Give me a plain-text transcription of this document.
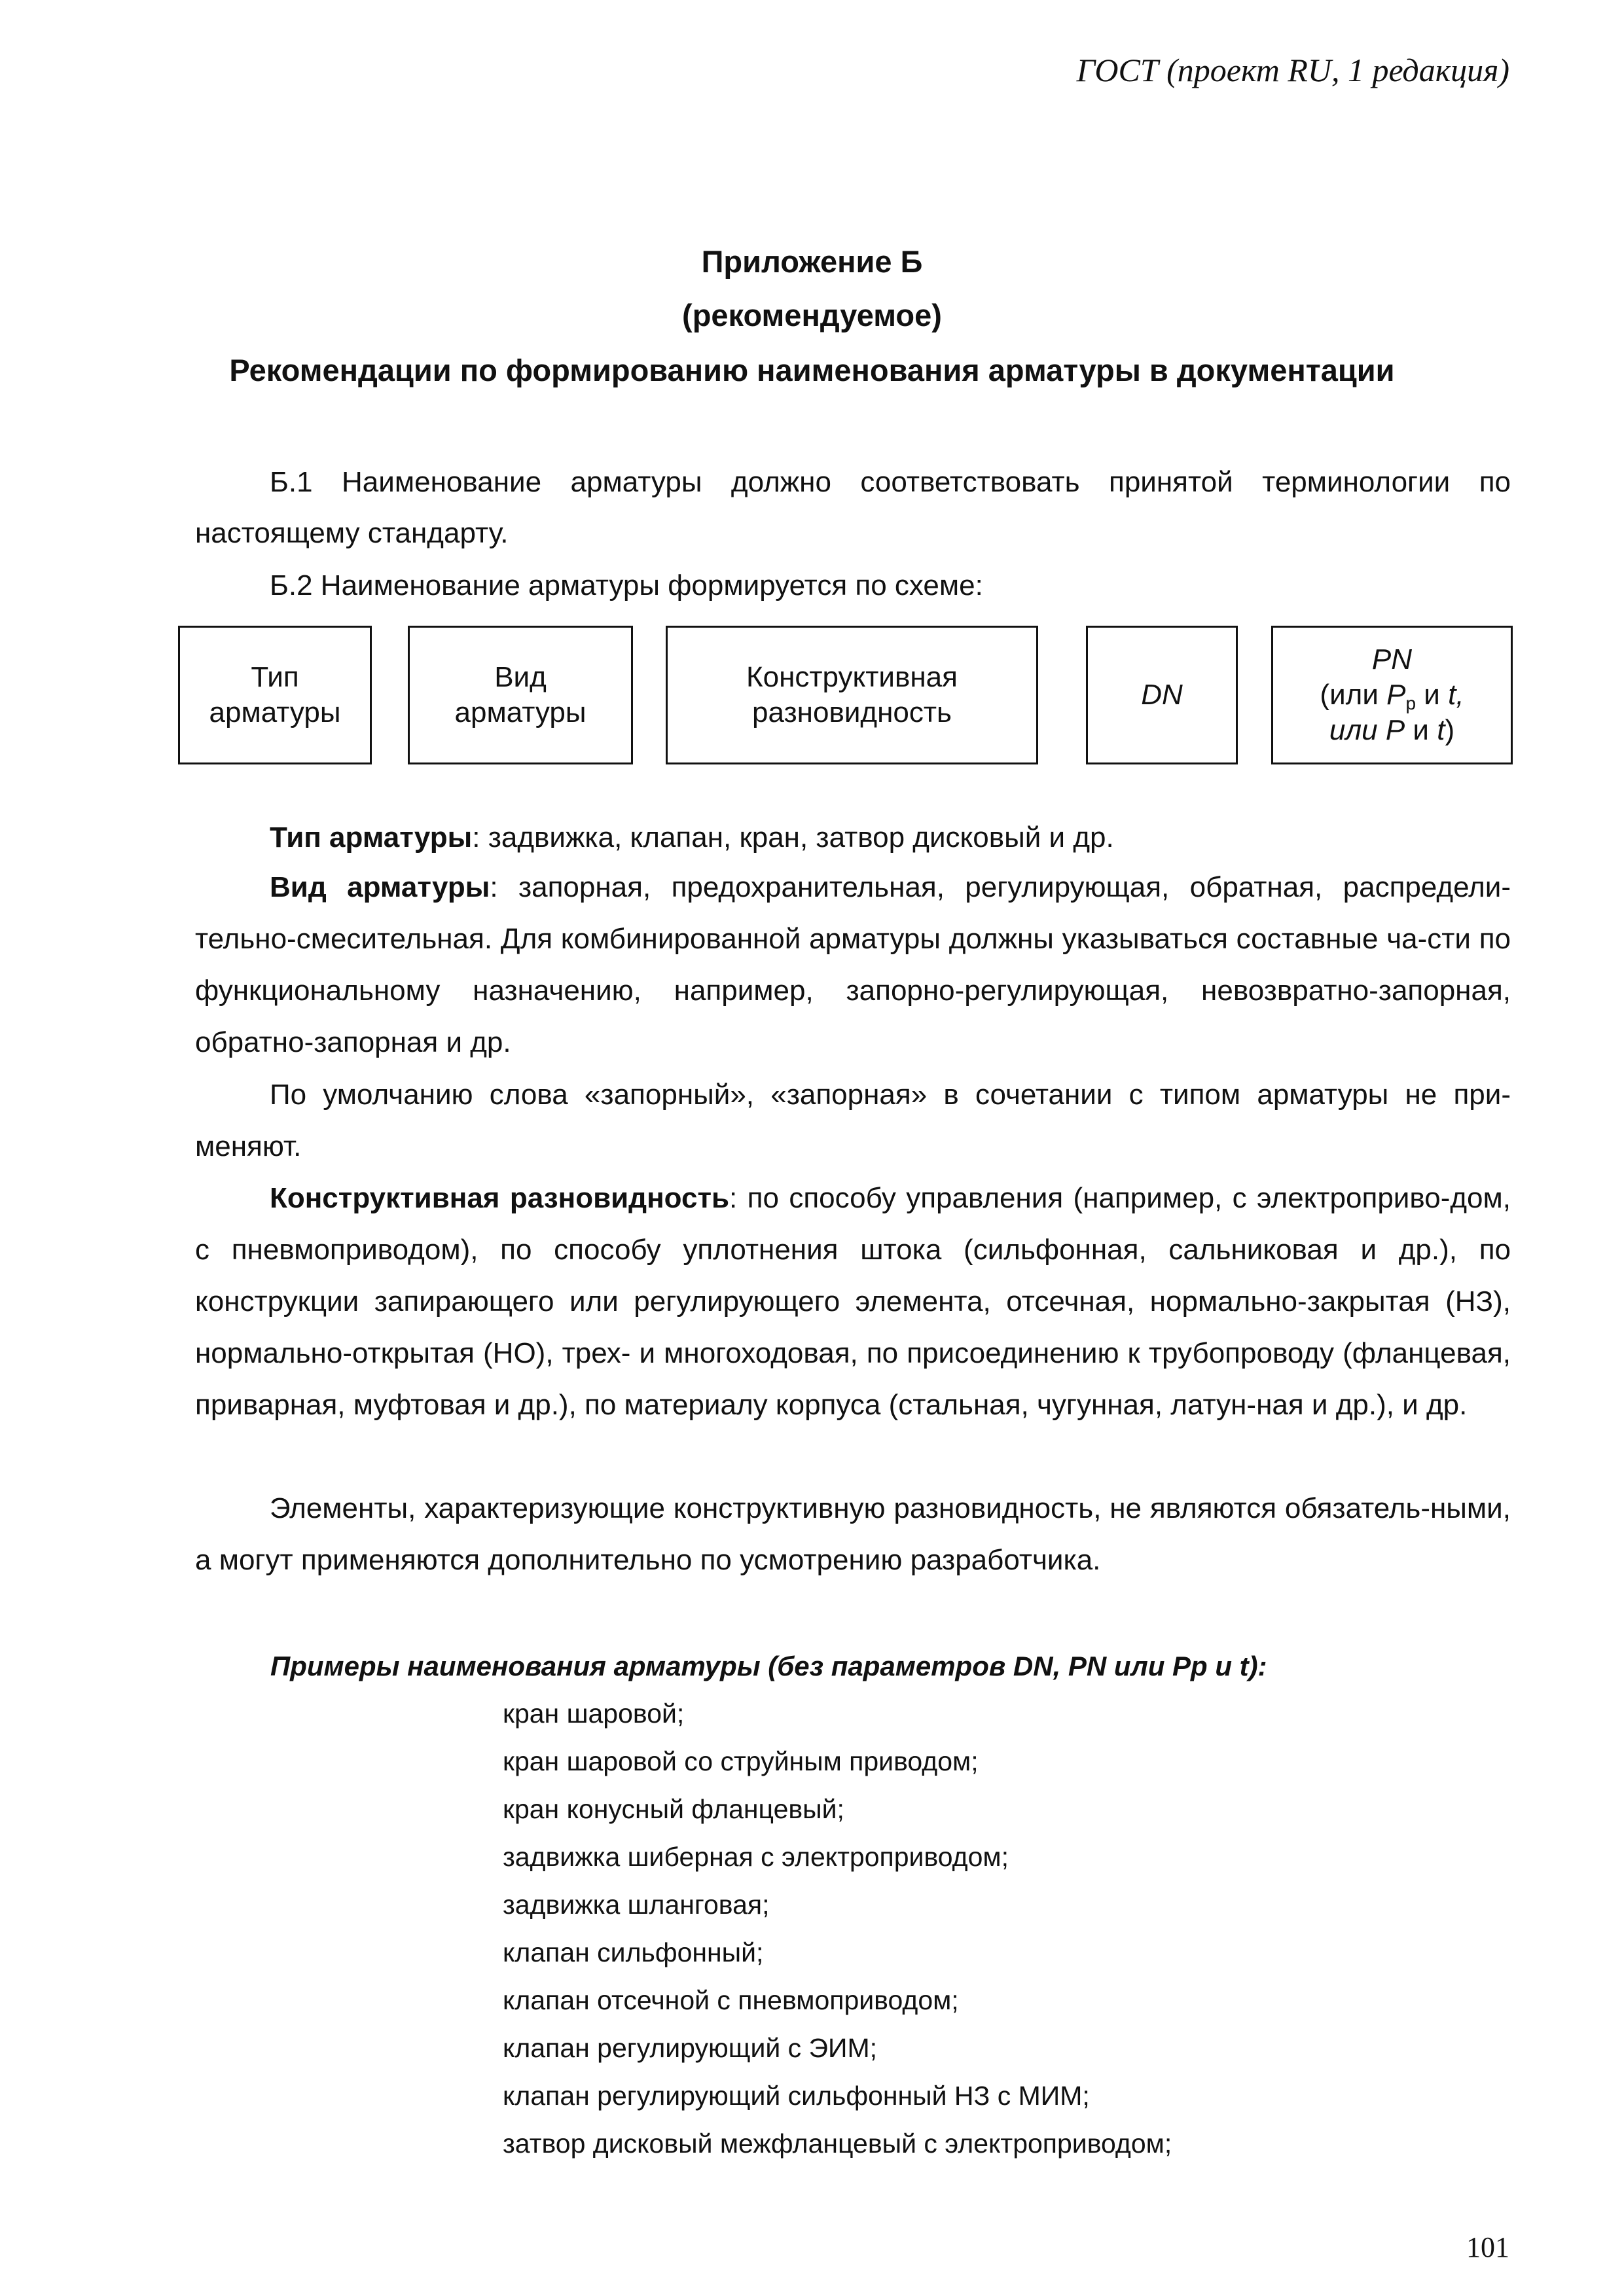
ГОСТ (проект RU, 1 редакция)
Приложение Б
(рекомендуемое)
Рекомендации по формированию наименования арматуры в документации

Б.1 Наименование арматуры должно соответствовать принятой терминологии по

настоящему стандарту.

Б.2 Наименование арматуры формируется по схеме:

Тип
арматуры
Вид
арматуры
Конструктивная
разновидность
DN
PN
(или $P_р$ и t,
или P и t)

Тип арматуры: задвижка, клапан, кран, затвор дисковый и др.

Вид арматуры: запорная, предохранительная, регулирующая, обратная, распредели-тельно-смесительная. Для комбинированной арматуры должны указываться составные ча-сти по функциональному назначению, например, запорно-регулирующая, невозвратно-запорная, обратно-запорная и др.

По умолчанию слова «запорный», «запорная» в сочетании с типом арматуры не при-меняют.

Конструктивная разновидность: по способу управления (например, с электроприво-дом, с пневмоприводом), по способу уплотнения штока (сильфонная, сальниковая и др.), по конструкции запирающего или регулирующего элемента, отсечная, нормально-закрытая (НЗ), нормально-открытая (НО), трех- и многоходовая, по присоединению к трубопроводу (фланцевая, приварная, муфтовая и др.), по материалу корпуса (стальная, чугунная, латун-ная и др.), и др.

Элементы, характеризующие конструктивную разновидность, не являются обязатель-ными, а могут применяются дополнительно по усмотрению разработчика.

Примеры наименования арматуры (без параметров DN, PN или Рр и t):
кран шаровой;
кран шаровой со струйным приводом;
кран конусный фланцевый;
задвижка шиберная с электроприводом;
задвижка шланговая;
клапан сильфонный;
клапан отсечной с пневмоприводом;
клапан регулирующий с ЭИМ;
клапан регулирующий сильфонный НЗ с МИМ;
затвор дисковый межфланцевый с электроприводом;
101
